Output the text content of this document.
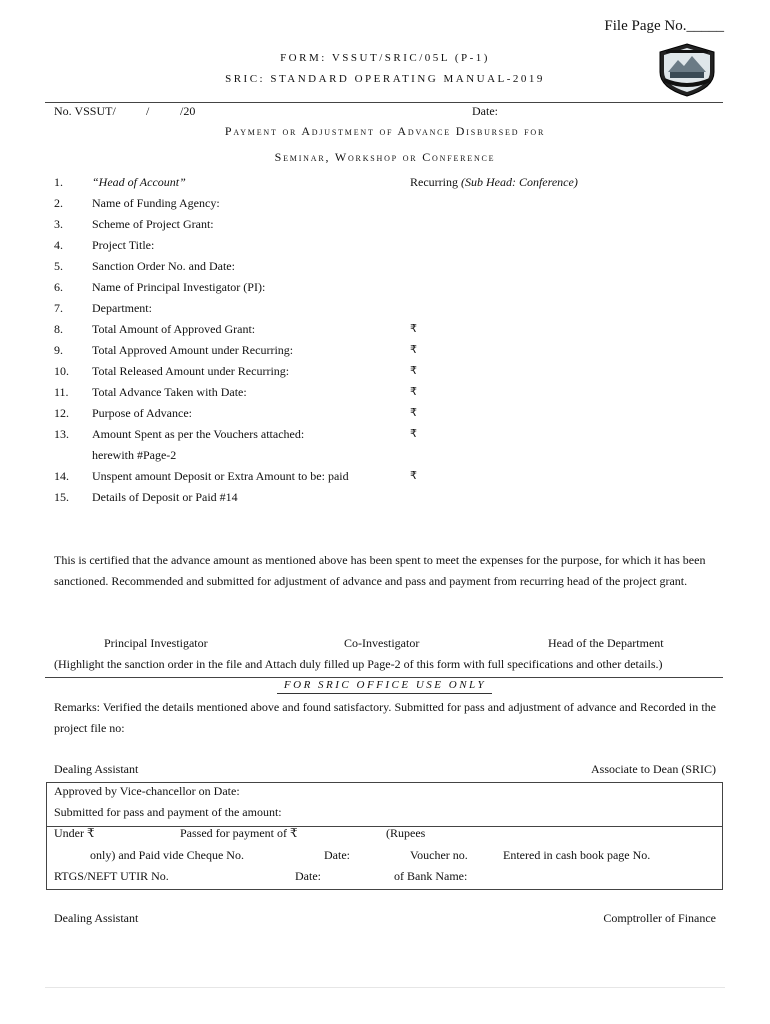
File Page No._____
FORM: VSSUT/SRIC/05L (P-1)
SRIC: STANDARD OPERATING MANUAL-2019
No. VSSUT/	/	/20	Date:
Payment or Adjustment of Advance Disbursed for
Seminar, Workshop or Conference
1. “Head of Account”	Recurring (Sub Head: Conference)
2. Name of Funding Agency:
3. Scheme of Project Grant:
4. Project Title:
5. Sanction Order No. and Date:
6. Name of Principal Investigator (PI):
7. Department:
8. Total Amount of Approved Grant:	₹
9. Total Approved Amount under Recurring:	₹
10. Total Released Amount under Recurring:	₹
11. Total Advance Taken with Date:	₹
12. Purpose of Advance:	₹
13. Amount Spent as per the Vouchers attached:	₹
herewith #Page-2
14. Unspent amount Deposit or Extra Amount to be: paid	₹
15. Details of Deposit or Paid #14
This is certified that the advance amount as mentioned above has been spent to meet the expenses for the purpose, for which it has been sanctioned. Recommended and submitted for adjustment of advance and pass and payment from recurring head of the project grant.
Principal Investigator	Co-Investigator	Head of the Department
(Highlight the sanction order in the file and Attach duly filled up Page-2 of this form with full specifications and other details.)
FOR SRIC OFFICE USE ONLY
Remarks: Verified the details mentioned above and found satisfactory. Submitted for pass and adjustment of advance and Recorded in the project file no:
Dealing Assistant	Associate to Dean (SRIC)
Approved by Vice-chancellor on Date:
Submitted for pass and payment of the amount:
Under ₹	Passed for payment of ₹	(Rupees
only) and Paid vide Cheque No.	Date:	Voucher no.	Entered in cash book page No.
RTGS/NEFT UTIR No.	Date:	of Bank Name:
Dealing Assistant	Comptroller of Finance
